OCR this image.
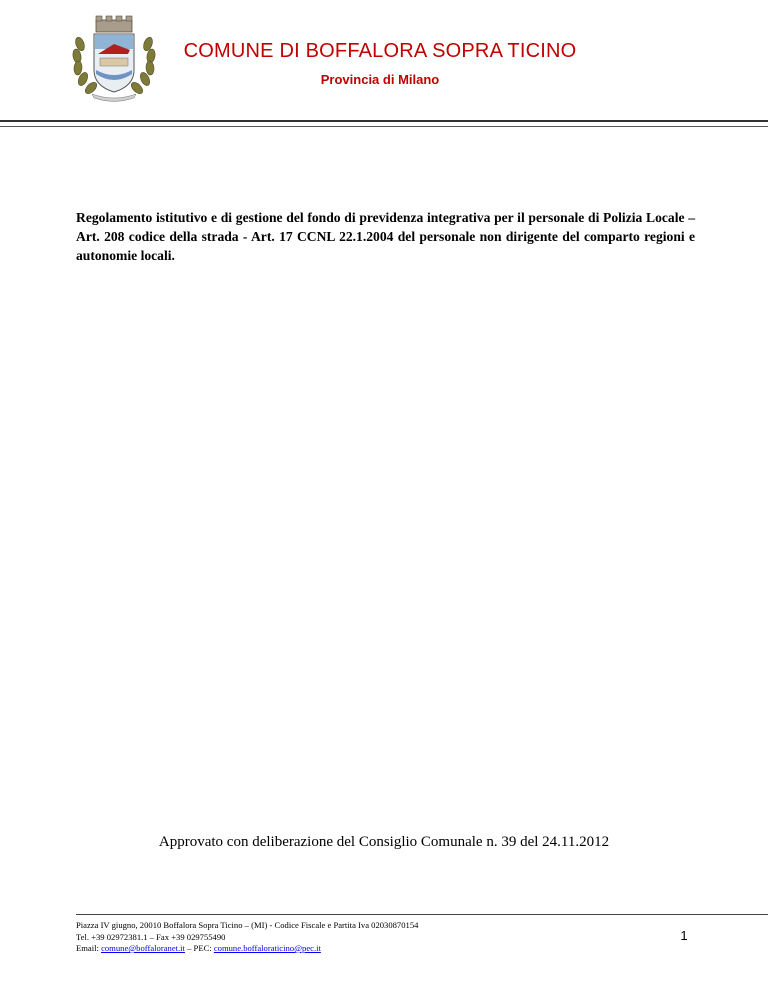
COMUNE DI BOFFALORA SOPRA TICINO
Provincia di Milano
Regolamento istitutivo e di gestione del fondo di previdenza integrativa per il personale di Polizia Locale – Art. 208 codice della strada - Art. 17 CCNL 22.1.2004 del personale non dirigente del comparto regioni e autonomie locali.
Approvato con deliberazione del Consiglio Comunale n. 39 del 24.11.2012
Piazza IV giugno, 20010 Boffalora Sopra Ticino – (MI) - Codice Fiscale e Partita Iva 02030870154
Tel. +39 02972381.1 – Fax +39 029755490
Email: comune@boffaloranet.it – PEC: comune.boffaloraticino@pec.it
1
